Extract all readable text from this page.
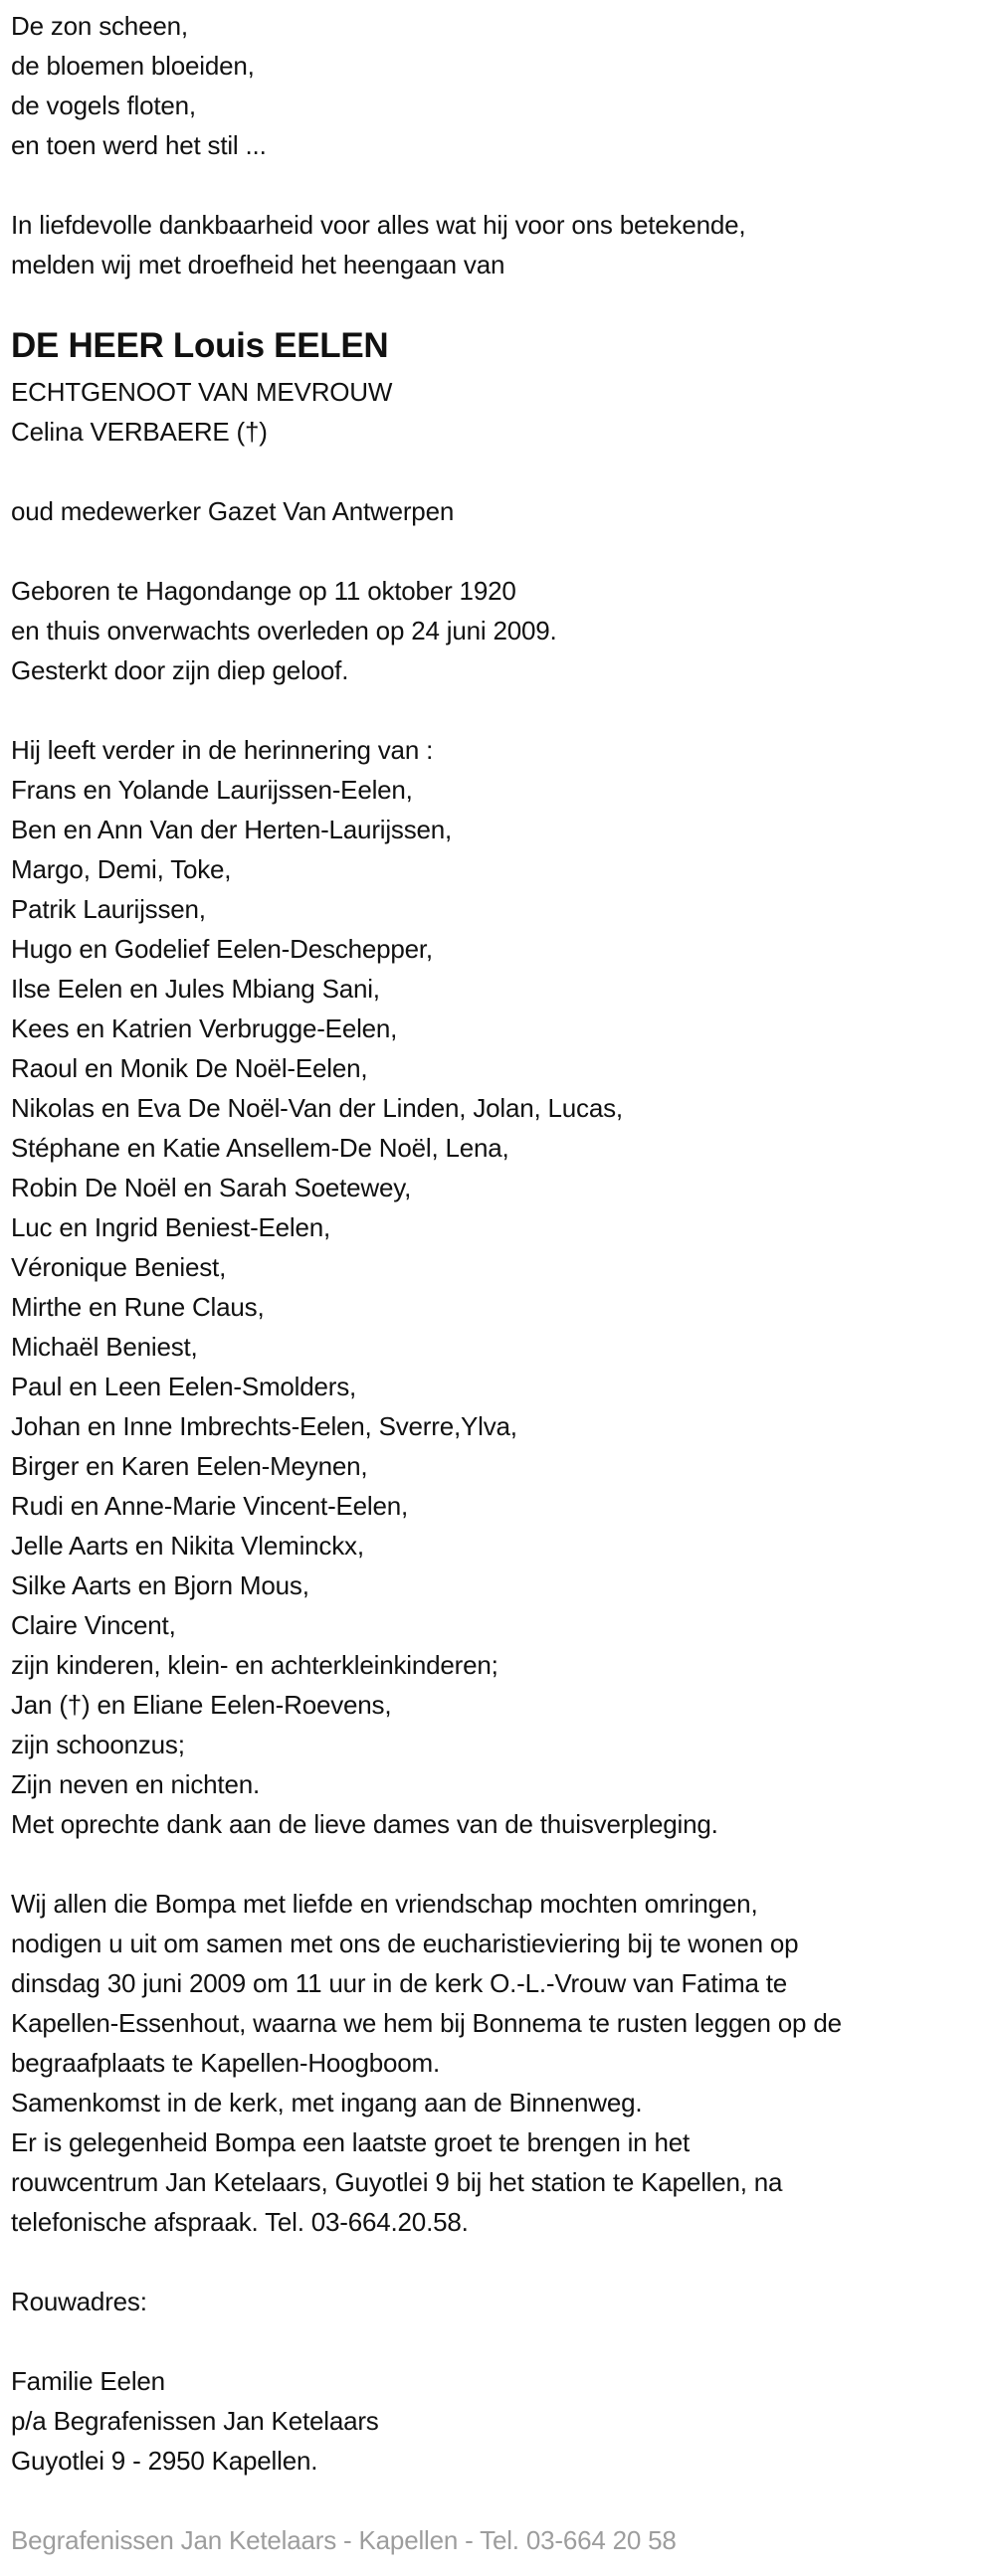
De zon scheen,
de bloemen bloeiden,
de vogels floten,
en toen werd het stil ...
In liefdevolle dankbaarheid voor alles wat hij voor ons betekende,
melden wij met droefheid het heengaan van
DE HEER Louis EELEN
ECHTGENOOT VAN MEVROUW
Celina VERBAERE (†)
oud medewerker Gazet Van Antwerpen
Geboren te Hagondange op 11 oktober 1920
en thuis onverwachts overleden op 24 juni 2009.
Gesterkt door zijn diep geloof.
Hij leeft verder in de herinnering van :
Frans en Yolande Laurijssen-Eelen,
Ben en Ann Van der Herten-Laurijssen,
Margo, Demi, Toke,
Patrik Laurijssen,
Hugo en Godelief Eelen-Deschepper,
Ilse Eelen en Jules Mbiang Sani,
Kees en Katrien Verbrugge-Eelen,
Raoul en Monik De Noël-Eelen,
Nikolas en Eva De Noël-Van der Linden, Jolan, Lucas,
Stéphane en Katie Ansellem-De Noël, Lena,
Robin De Noël en Sarah Soetewey,
Luc en Ingrid Beniest-Eelen,
Véronique Beniest,
Mirthe en Rune Claus,
Michaël Beniest,
Paul en Leen Eelen-Smolders,
Johan en Inne Imbrechts-Eelen, Sverre,Ylva,
Birger en Karen Eelen-Meynen,
Rudi en Anne-Marie Vincent-Eelen,
Jelle Aarts en Nikita Vleminckx,
Silke Aarts en Bjorn Mous,
Claire Vincent,
zijn kinderen, klein- en achterkleinkinderen;
Jan (†) en Eliane Eelen-Roevens,
zijn schoonzus;
Zijn neven en nichten.
Met oprechte dank aan de lieve dames van de thuisverpleging.
Wij allen die Bompa met liefde en vriendschap mochten omringen,
nodigen u uit om samen met ons de eucharistieviering bij te wonen op
dinsdag 30 juni 2009 om 11 uur in de kerk O.-L.-Vrouw van Fatima te
Kapellen-Essenhout, waarna we hem bij Bonnema te rusten leggen op de
begraafplaats te Kapellen-Hoogboom.
Samenkomst in de kerk, met ingang aan de Binnenweg.
Er is gelegenheid Bompa een laatste groet te brengen in het
rouwcentrum Jan Ketelaars, Guyotlei 9 bij het station te Kapellen, na
telefonische afspraak. Tel. 03-664.20.58.
Rouwadres:
Familie Eelen
p/a Begrafenissen Jan Ketelaars
Guyotlei 9 - 2950 Kapellen.
Begrafenissen Jan Ketelaars - Kapellen - Tel. 03-664 20 58
